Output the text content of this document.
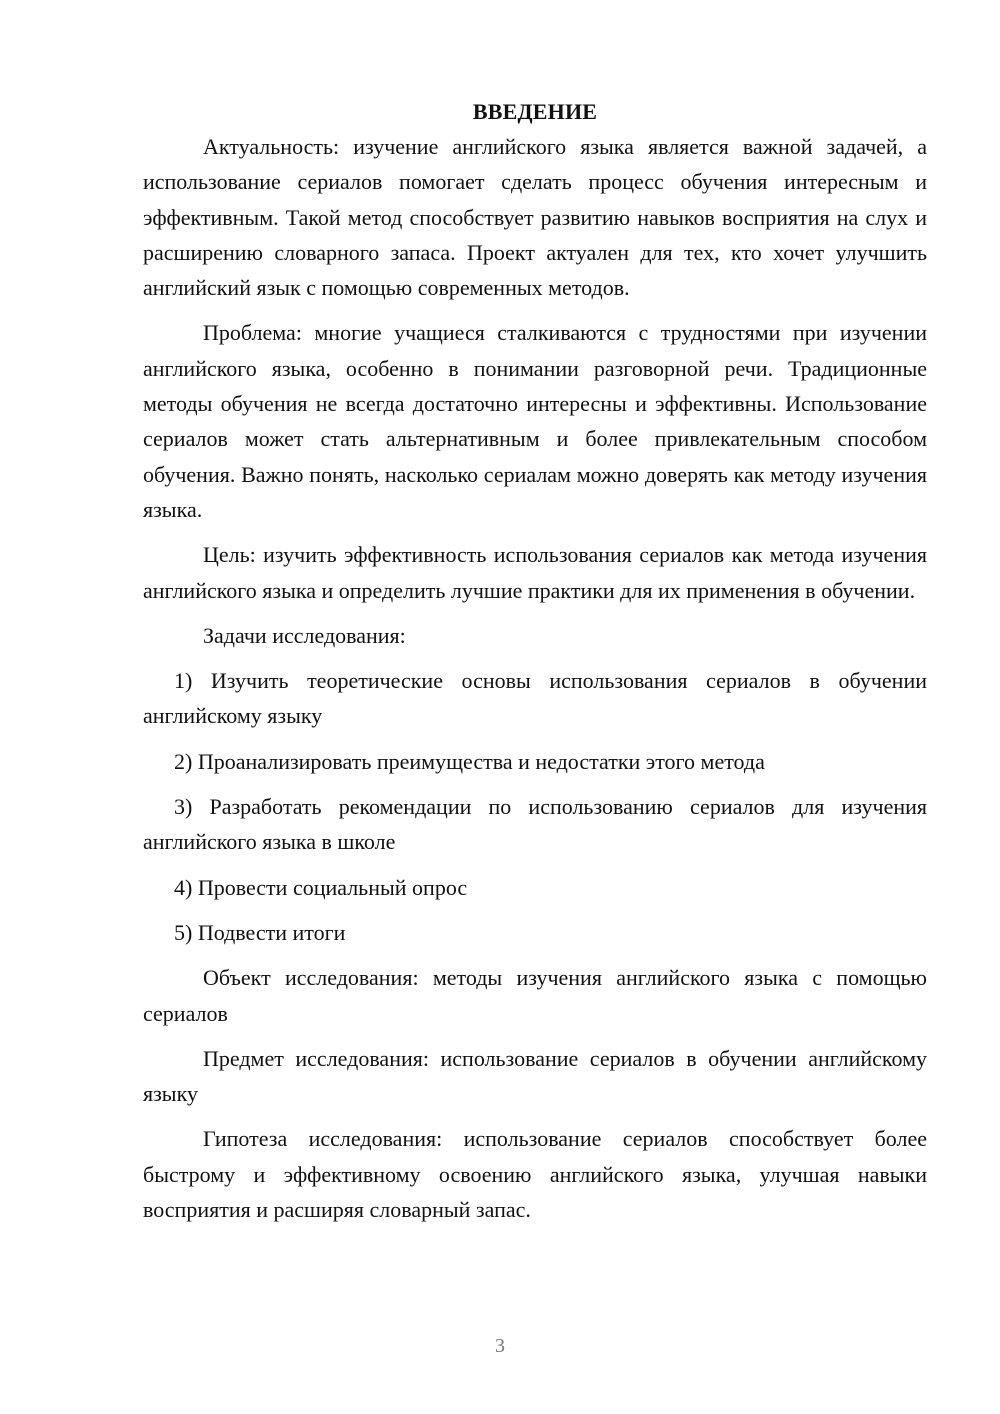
ВВЕДЕНИЕ

Актуальность: изучение английского языка является важной задачей, а использование сериалов помогает сделать процесс обучения интересным и эффективным. Такой метод способствует развитию навыков восприятия на слух и расширению словарного запаса. Проект актуален для тех, кто хочет улучшить английский язык с помощью современных методов.

Проблема: многие учащиеся сталкиваются с трудностями при изучении английского языка, особенно в понимании разговорной речи. Традиционные методы обучения не всегда достаточно интересны и эффективны. Использование сериалов может стать альтернативным и более привлекательным способом обучения. Важно понять, насколько сериалам можно доверять как методу изучения языка.

Цель: изучить эффективность использования сериалов как метода изучения английского языка и определить лучшие практики для их применения в обучении.

Задачи исследования:

1) Изучить теоретические основы использования сериалов в обучении английскому языку

2) Проанализировать преимущества и недостатки этого метода

3) Разработать рекомендации по использованию сериалов для изучения английского языка в школе

4) Провести социальный опрос

5) Подвести итоги

Объект исследования: методы изучения английского языка с помощью сериалов

Предмет исследования: использование сериалов в обучении английскому языку

Гипотеза исследования: использование сериалов способствует более быстрому и эффективному освоению английского языка, улучшая навыки восприятия и расширяя словарный запас.

3
